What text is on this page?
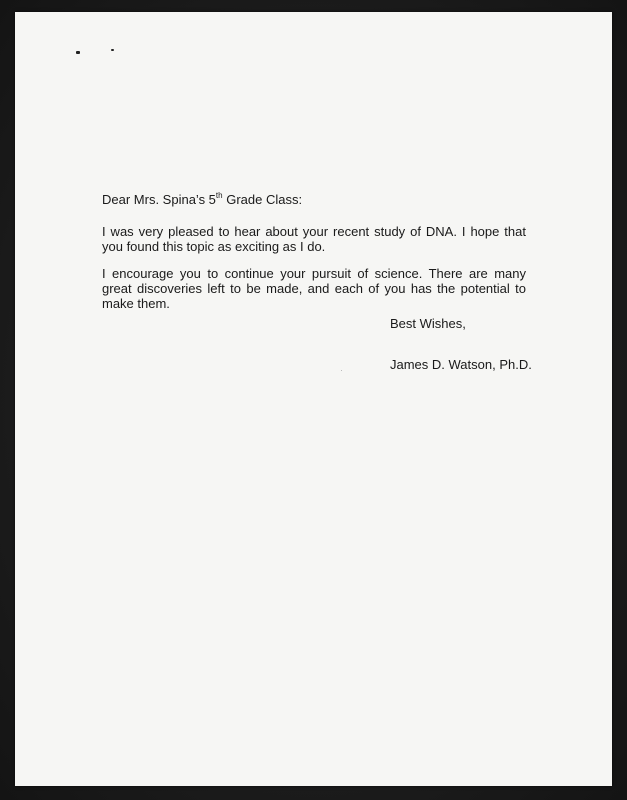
Dear Mrs. Spina’s 5th Grade Class:

I was very pleased to hear about your recent study of DNA. I hope that you found this topic as exciting as I do.

I encourage you to continue your pursuit of science. There are many great discoveries left to be made, and each of you has the potential to make them.

Best Wishes,
James D. Watson, Ph.D.
